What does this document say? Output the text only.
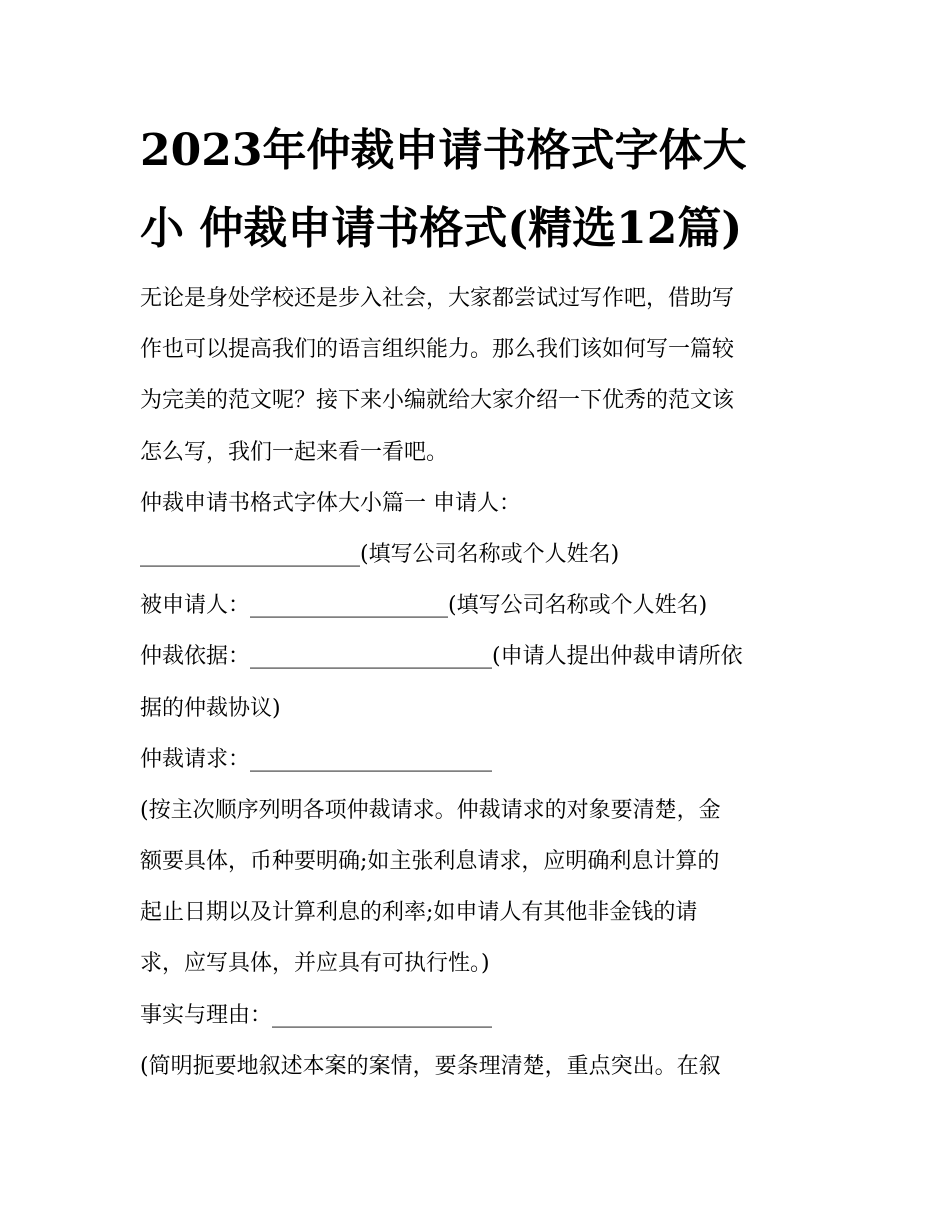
2023年仲裁申请书格式字体大
小 仲裁申请书格式(精选12篇)
无论是身处学校还是步入社会，大家都尝试过写作吧，借助写
作也可以提高我们的语言组织能力。那么我们该如何写一篇较
为完美的范文呢？接下来小编就给大家介绍一下优秀的范文该
怎么写，我们一起来看一看吧。
仲裁申请书格式字体大小篇一 申请人：
____________________(填写公司名称或个人姓名)
被申请人：__________________(填写公司名称或个人姓名)
仲裁依据：______________________(申请人提出仲裁申请所依
据的仲裁协议)
仲裁请求：______________________
(按主次顺序列明各项仲裁请求。仲裁请求的对象要清楚，金
额要具体，币种要明确;如主张利息请求，应明确利息计算的
起止日期以及计算利息的利率;如申请人有其他非金钱的请
求，应写具体，并应具有可执行性。)
事实与理由：____________________
(简明扼要地叙述本案的案情，要条理清楚，重点突出。在叙
